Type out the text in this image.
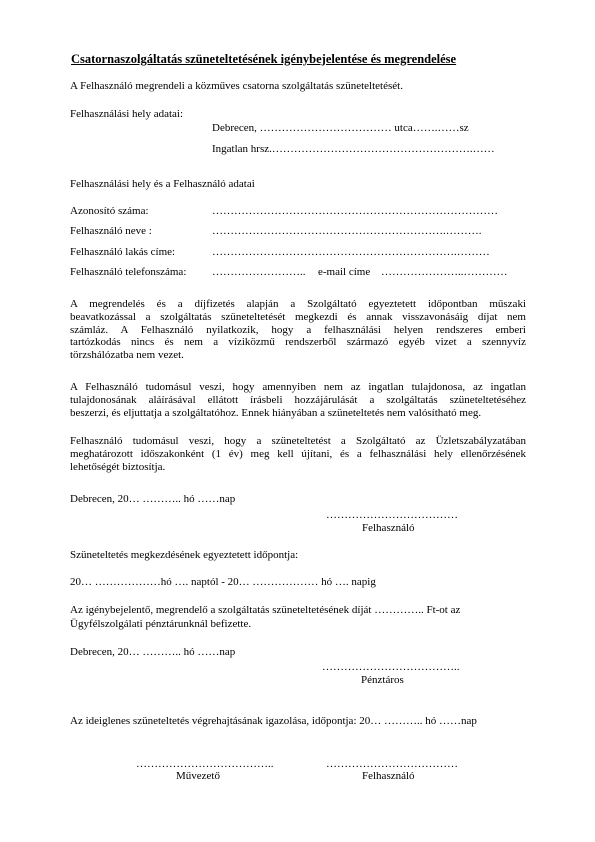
Csatornaszolgáltatás szüneteltetésének igénybejelentése és megrendelése
A Felhasználó megrendeli a közműves csatorna szolgáltatás szüneteltetését.
Felhasználási hely adatai:
Debrecen, ……………………………… utca…….……sz
Ingatlan hrsz.……………………………………………….……
Felhasználási hely és a Felhasználó adatai
Azonosító száma:	……………………………………………………………………
Felhasználó neve :	……………………………………………………….……….
Felhasználó lakás címe:	………………………………………………………….………
Felhasználó telefonszáma: …………………….. e-mail címe …………………..…………
A megrendelés és a díjfizetés alapján a Szolgáltató egyeztetett időpontban műszaki
beavatkozással a szolgáltatás szüneteltetését megkezdi és annak visszavonásáig díjat nem
számláz. A Felhasználó nyilatkozik, hogy a felhasználási helyen rendszeres emberi
tartózkodás nincs és nem a víziközmű rendszerből származó egyéb vizet a szennyvíz
törzshálózatba nem vezet.
A Felhasználó tudomásul veszi, hogy amennyiben nem az ingatlan tulajdonosa, az ingatlan
tulajdonosának aláírásával ellátott írásbeli hozzájárulását a szolgáltatás szüneteltetéséhez
beszerzi, és eljuttatja a szolgáltatóhoz. Ennek hiányában a szüneteltetés nem valósítható meg.
Felhasználó tudomásul veszi, hogy a szüneteltetést a Szolgáltató az Üzletszabályzatában
meghatározott időszakonként (1 év) meg kell újítani, és a felhasználási hely ellenőrzésének
lehetőségét biztosítja.
Debrecen, 20… ……….. hó ……nap
………………………………
Felhasználó
Szüneteltetés megkezdésének egyeztetett időpontja:
20… ………………hó …. naptól - 20… ……………… hó …. napig
Az igénybejelentő, megrendelő a szolgáltatás szüneteltetésének díját ………….. Ft-ot az
Ügyfélszolgálati pénztárunknál befizette.
Debrecen, 20… ……….. hó ……nap
………………………………..
Pénztáros
Az ideiglenes szüneteltetés végrehajtásának igazolása, időpontja: 20… ……….. hó ……nap
………………………………..
Művezető
………………………………
Felhasználó
